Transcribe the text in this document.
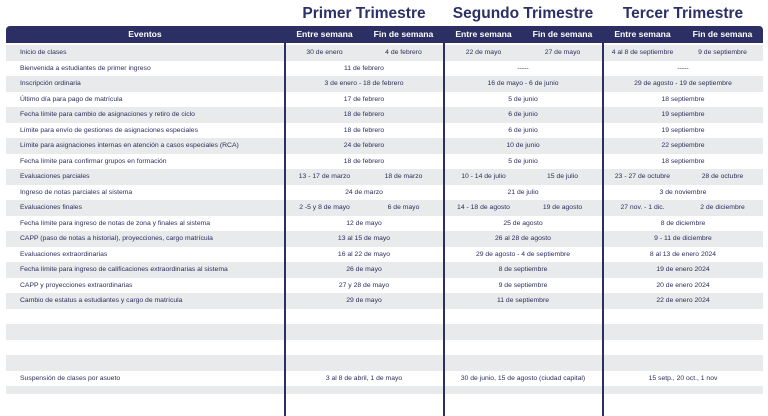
Primer Trimestre	Segundo Trimestre	Tercer Trimestre
Eventos	Entre semana	Fin de semana	Entre semana	Fin de semana	Entre semana	Fin de semana
Inicio de clases	30 de enero	4 de febrero	22 de mayo	27 de mayo	4 al 8 de septiembre	9 de septiembre
Bienvenida a estudiantes de primer ingreso	11 de febrero	-----	-----
Inscripción ordinaria	3 de enero - 18 de febrero	16 de mayo - 6 de junio	29 de agosto - 19 de septiembre
Último día para pago de matrícula	17 de febrero	5 de junio	18 septiembre
Fecha límite para cambio de asignaciones y retiro de ciclo	18 de febrero	6 de junio	19 septiembre
Límite para envío de gestiones de asignaciones especiales	18 de febrero	6 de junio	19 septiembre
Límite para asignaciones internas en atención a casos especiales (RCA)	24 de febrero	10 de junio	22 septiembre
Fecha límite para confirmar grupos en formación	18 de febrero	5 de junio	18 septiembre
Evaluaciones parciales	13 - 17 de marzo	18 de marzo	10 - 14 de julio	15 de julio	23 - 27 de octubre	28 de octubre
Ingreso de notas parciales al sistema	24 de marzo	21 de julio	3 de noviembre
Evaluaciones finales	2 -5 y 8 de mayo	6 de mayo	14 - 18 de agosto	19 de agosto	27 nov. - 1 dic.	2 de diciembre
Fecha límite para ingreso de notas de zona y finales al sistema	12 de mayo	25 de agosto	8 de diciembre
CAPP (paso de notas a historial), proyecciones, cargo matrícula	13 al 15 de mayo	26 al 28 de agosto	9 - 11 de diciembre
Evaluaciones extraordinarias	16 al 22 de mayo	29 de agosto - 4 de septiembre	8 al 13 de enero 2024
Fecha límite para ingreso de calificaciones extraordinarias al sistema	26 de mayo	8 de septiembre	19 de enero 2024
CAPP y proyecciones extraordinarias	27 y 28 de mayo	9 de septiembre	20 de enero 2024
Cambio de estatus a estudiantes y cargo de matrícula	29 de mayo	11 de septiembre	22 de enero 2024
Suspensión de clases por asueto	3 al 8 de abril, 1 de mayo	30 de junio, 15 de agosto (ciudad capital)	15 setp., 20 oct., 1 nov
